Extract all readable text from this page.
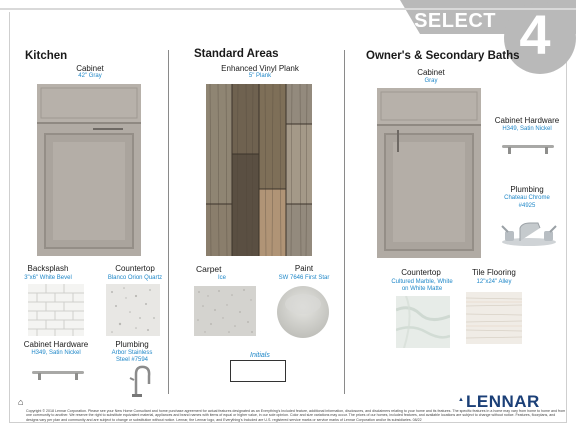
SELECT 4
Kitchen
Cabinet
42" Gray
Backsplash
3"x6" White Bevel
Countertop
Blanco Orion Quartz
Cabinet Hardware
H349, Satin Nickel
Plumbing
Arbor Stainless
Steel #7594
Standard Areas
Enhanced Vinyl Plank
5" Plank
Carpet
Ice
Paint
SW 7646 First Star
Initials
Owner's & Secondary Baths
Cabinet
Gray
Cabinet Hardware
H349, Satin Nickel
Plumbing
Chateau Chrome
#4925
Countertop
Cultured Marble, White
on White Matte
Tile Flooring
12"x24" Alley
⌂	▲ LENNAR
Copyright © 2018 Lennar Corporation. Please see your New Home Consultant and home purchase agreement for actual features designated as an Everything's Included feature, additional information, disclosures, and disclaimers relating to your home and its features. The specific features in a home may vary from home to home and from one community to another. We reserve the right to substitute equivalent material, appliances and brand names with items of equal or higher value, in our sole opinion. Color and size variations may occur. The prices of our homes, included features, and available locations are subject to change without notice. Features, floorplans, and designs vary per plan and community and are subject to change or substitution without notice. Lennar, the Lennar logo, and Everything's Included are U.S. registered service marks or service marks of Lennar Corporation and/or its subsidiaries. 08/22
